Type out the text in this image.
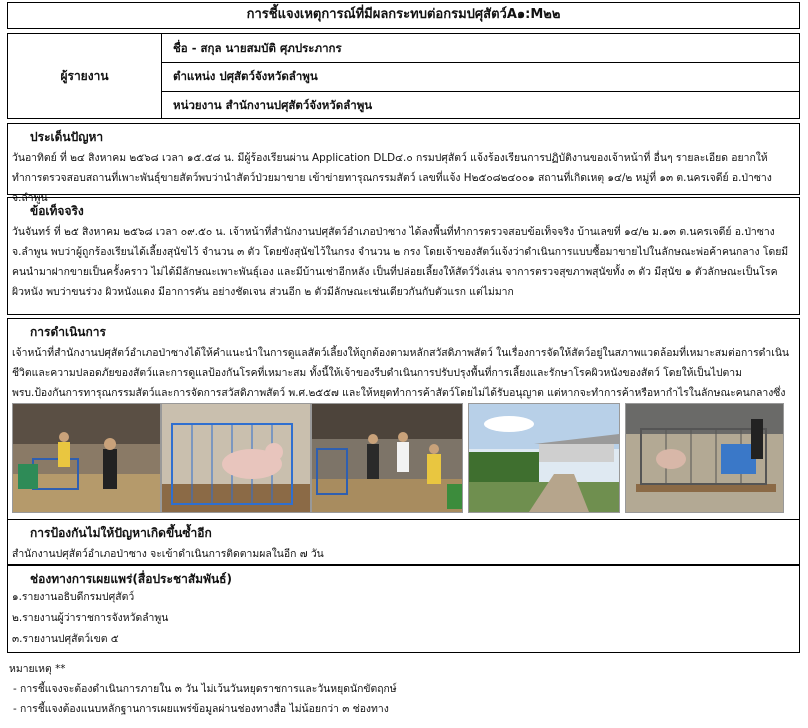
การชี้แจงเหตุการณ์ที่มีผลกระทบต่อกรมปศุสัตว์A๑:M๒๒
ผู้รายงาน
ชื่อ - สกุล นายสมบัติ ศุภประภากร
ตำแหน่ง ปศุสัตว์จังหวัดลำพูน
หน่วยงาน สำนักงานปศุสัตว์จังหวัดลำพูน
ประเด็นปัญหา
วันอาทิตย์ ที่ ๒๔ สิงหาคม ๒๕๖๘ เวลา ๑๕.๕๘ น. มีผู้ร้องเรียนผ่าน Application DLD๔.๐ กรมปศุสัตว์ แจ้งร้องเรียนการปฏิบัติงานของเจ้าหน้าที่ อื่นๆ รายละเอียด อยากให้ทำการตรวจสอบสถานที่เพาะพันธุ์ขายสัตว์พบว่านำสัตว์ป่วยมาขาย เข้าข่ายทารุณกรรมสัตว์ เลขที่แจ้ง H๒๕๐๘๒๔๐๐๑ สถานที่เกิดเหตุ ๑๔/๒ หมู่ที่ ๑๓ ต.นครเจดีย์ อ.ป่าซาง จ.ลำพูน
ข้อเท็จจริง
วันจันทร์ ที่ ๒๕ สิงหาคม ๒๕๖๘ เวลา ๐๙.๕๐ น. เจ้าหน้าที่สำนักงานปศุสัตว์อำเภอป่าซาง ได้ลงพื้นที่ทำการตรวจสอบข้อเท็จจริง บ้านเลขที่ ๑๔/๒ ม.๑๓ ต.นครเจดีย์ อ.ป่าซาง จ.ลำพูน พบว่าผู้ถูกร้องเรียนได้เลี้ยงสุนัขไว้ จำนวน ๓ ตัว โดยขังสุนัขไว้ในกรง จำนวน ๒ กรง โดยเจ้าของสัตว์แจ้งว่าดำเนินการแบบซื้อมาขายไปในลักษณะพ่อค้าคนกลาง โดยมีคนนำมาฝากขายเป็นครั้งคราว ไม่ได้มีลักษณะเพาะพันธุ์เอง และมีบ้านเช่าอีกหลัง เป็นที่ปล่อยเลี้ยงให้สัตว์วิ่งเล่น จาการตรวจสุขภาพสุนัขทั้ง ๓ ตัว มีสุนัข ๑ ตัวลักษณะเป็นโรคผิวหนัง พบว่าขนร่วง ผิวหนังแดง มีอาการคัน อย่างชัดเจน ส่วนอีก ๒ ตัวมีลักษณะเช่นเดียวกันกับตัวแรก แต่ไม่มาก
การดำเนินการ
เจ้าหน้าที่สำนักงานปศุสัตว์อำเภอป่าซางได้ให้คำแนะนำในการดูแลสัตว์เลี้ยงให้ถูกต้องตามหลักสวัสดิภาพสัตว์ ในเรื่องการจัดให้สัตว์อยู่ในสภาพแวดล้อมที่เหมาะสมต่อการดำเนินชีวิตและความปลอดภัยของสัตว์และการดูแลป้องกันโรคที่เหมาะสม ทั้งนี้ให้เจ้าของรีบดำเนินการปรับปรุงพื้นที่การเลี้ยงและรักษาโรคผิวหนังของสัตว์ โดยให้เป็นไปตาม พรบ.ป้องกันการทารุณกรรมสัตว์และการจัดการสวัสดิภาพสัตว์ พ.ศ.๒๕๕๗ และให้หยุดทำการค้าสัตว์โดยไม่ได้รับอนุญาต แต่หากจะทำการค้าหรือหากำไรในลักษณะคนกลางซึ่ง
การป้องกันไม่ให้ปัญหาเกิดขึ้นซ้ำอีก
สำนักงานปศุสัตว์อำเภอป่าซาง จะเข้าดำเนินการติดตามผลในอีก ๗ วัน
ช่องทางการเผยแพร่(สื่อประชาสัมพันธ์)
๑.รายงานอธิบดีกรมปศุสัตว์
๒.รายงานผู้ว่าราชการจังหวัดลำพูน
๓.รายงานปศุสัตว์เขต ๕
หมายเหตุ **
- การชี้แจงจะต้องดำเนินการภายใน ๓ วัน ไม่เว้นวันหยุดราชการและวันหยุดนักขัตฤกษ์
- การชี้แจงต้องแนบหลักฐานการเผยแพร่ข้อมูลผ่านช่องทางสื่อ ไม่น้อยกว่า ๓ ช่องทาง
